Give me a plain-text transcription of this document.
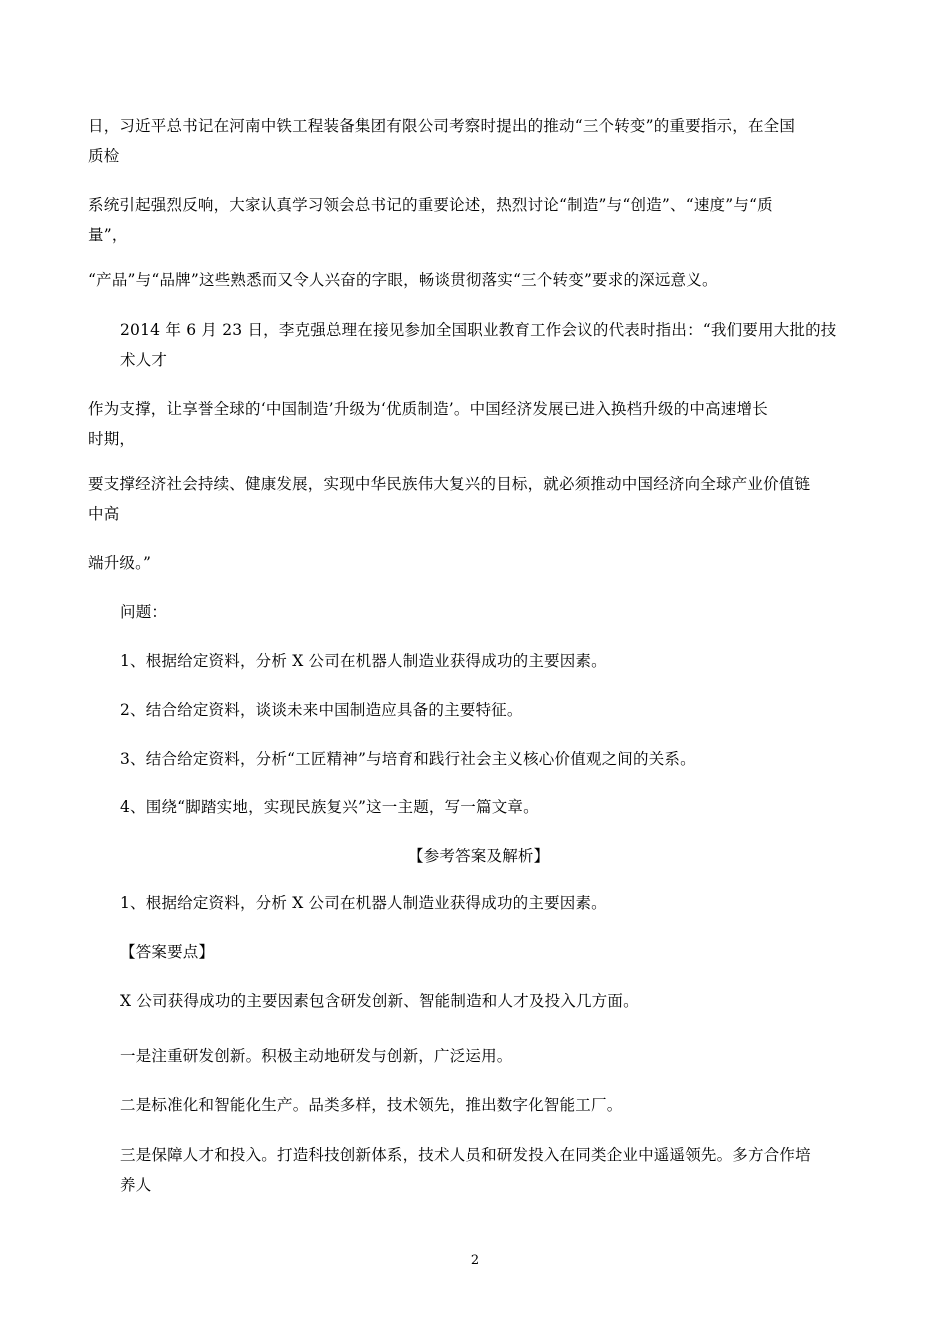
日，习近平总书记在河南中铁工程装备集团有限公司考察时提出的推动“三个转变”的重要指示，在全国
质检
系统引起强烈反响，大家认真学习领会总书记的重要论述，热烈讨论“制造”与“创造”、“速度”与“质
量”，
“产品”与“品牌”这些熟悉而又令人兴奋的字眼，畅谈贯彻落实“三个转变”要求的深远意义。
2014 年 6 月 23 日，李克强总理在接见参加全国职业教育工作会议的代表时指出：“我们要用大批的技
术人才
作为支撑，让享誉全球的‘中国制造’升级为‘优质制造’。中国经济发展已进入换档升级的中高速增长
时期，
要支撑经济社会持续、健康发展，实现中华民族伟大复兴的目标，就必须推动中国经济向全球产业价值链
中高
端升级。”
问题：
1、根据给定资料，分析 X 公司在机器人制造业获得成功的主要因素。
2、结合给定资料，谈谈未来中国制造应具备的主要特征。
3、结合给定资料，分析“工匠精神”与培育和践行社会主义核心价值观之间的关系。
4、围绕“脚踏实地，实现民族复兴”这一主题，写一篇文章。
【参考答案及解析】
1、根据给定资料，分析 X 公司在机器人制造业获得成功的主要因素。
【答案要点】
X 公司获得成功的主要因素包含研发创新、智能制造和人才及投入几方面。
一是注重研发创新。积极主动地研发与创新，广泛运用。
二是标准化和智能化生产。品类多样，技术领先，推出数字化智能工厂。
三是保障人才和投入。打造科技创新体系，技术人员和研发投入在同类企业中遥遥领先。多方合作培
养人
2
